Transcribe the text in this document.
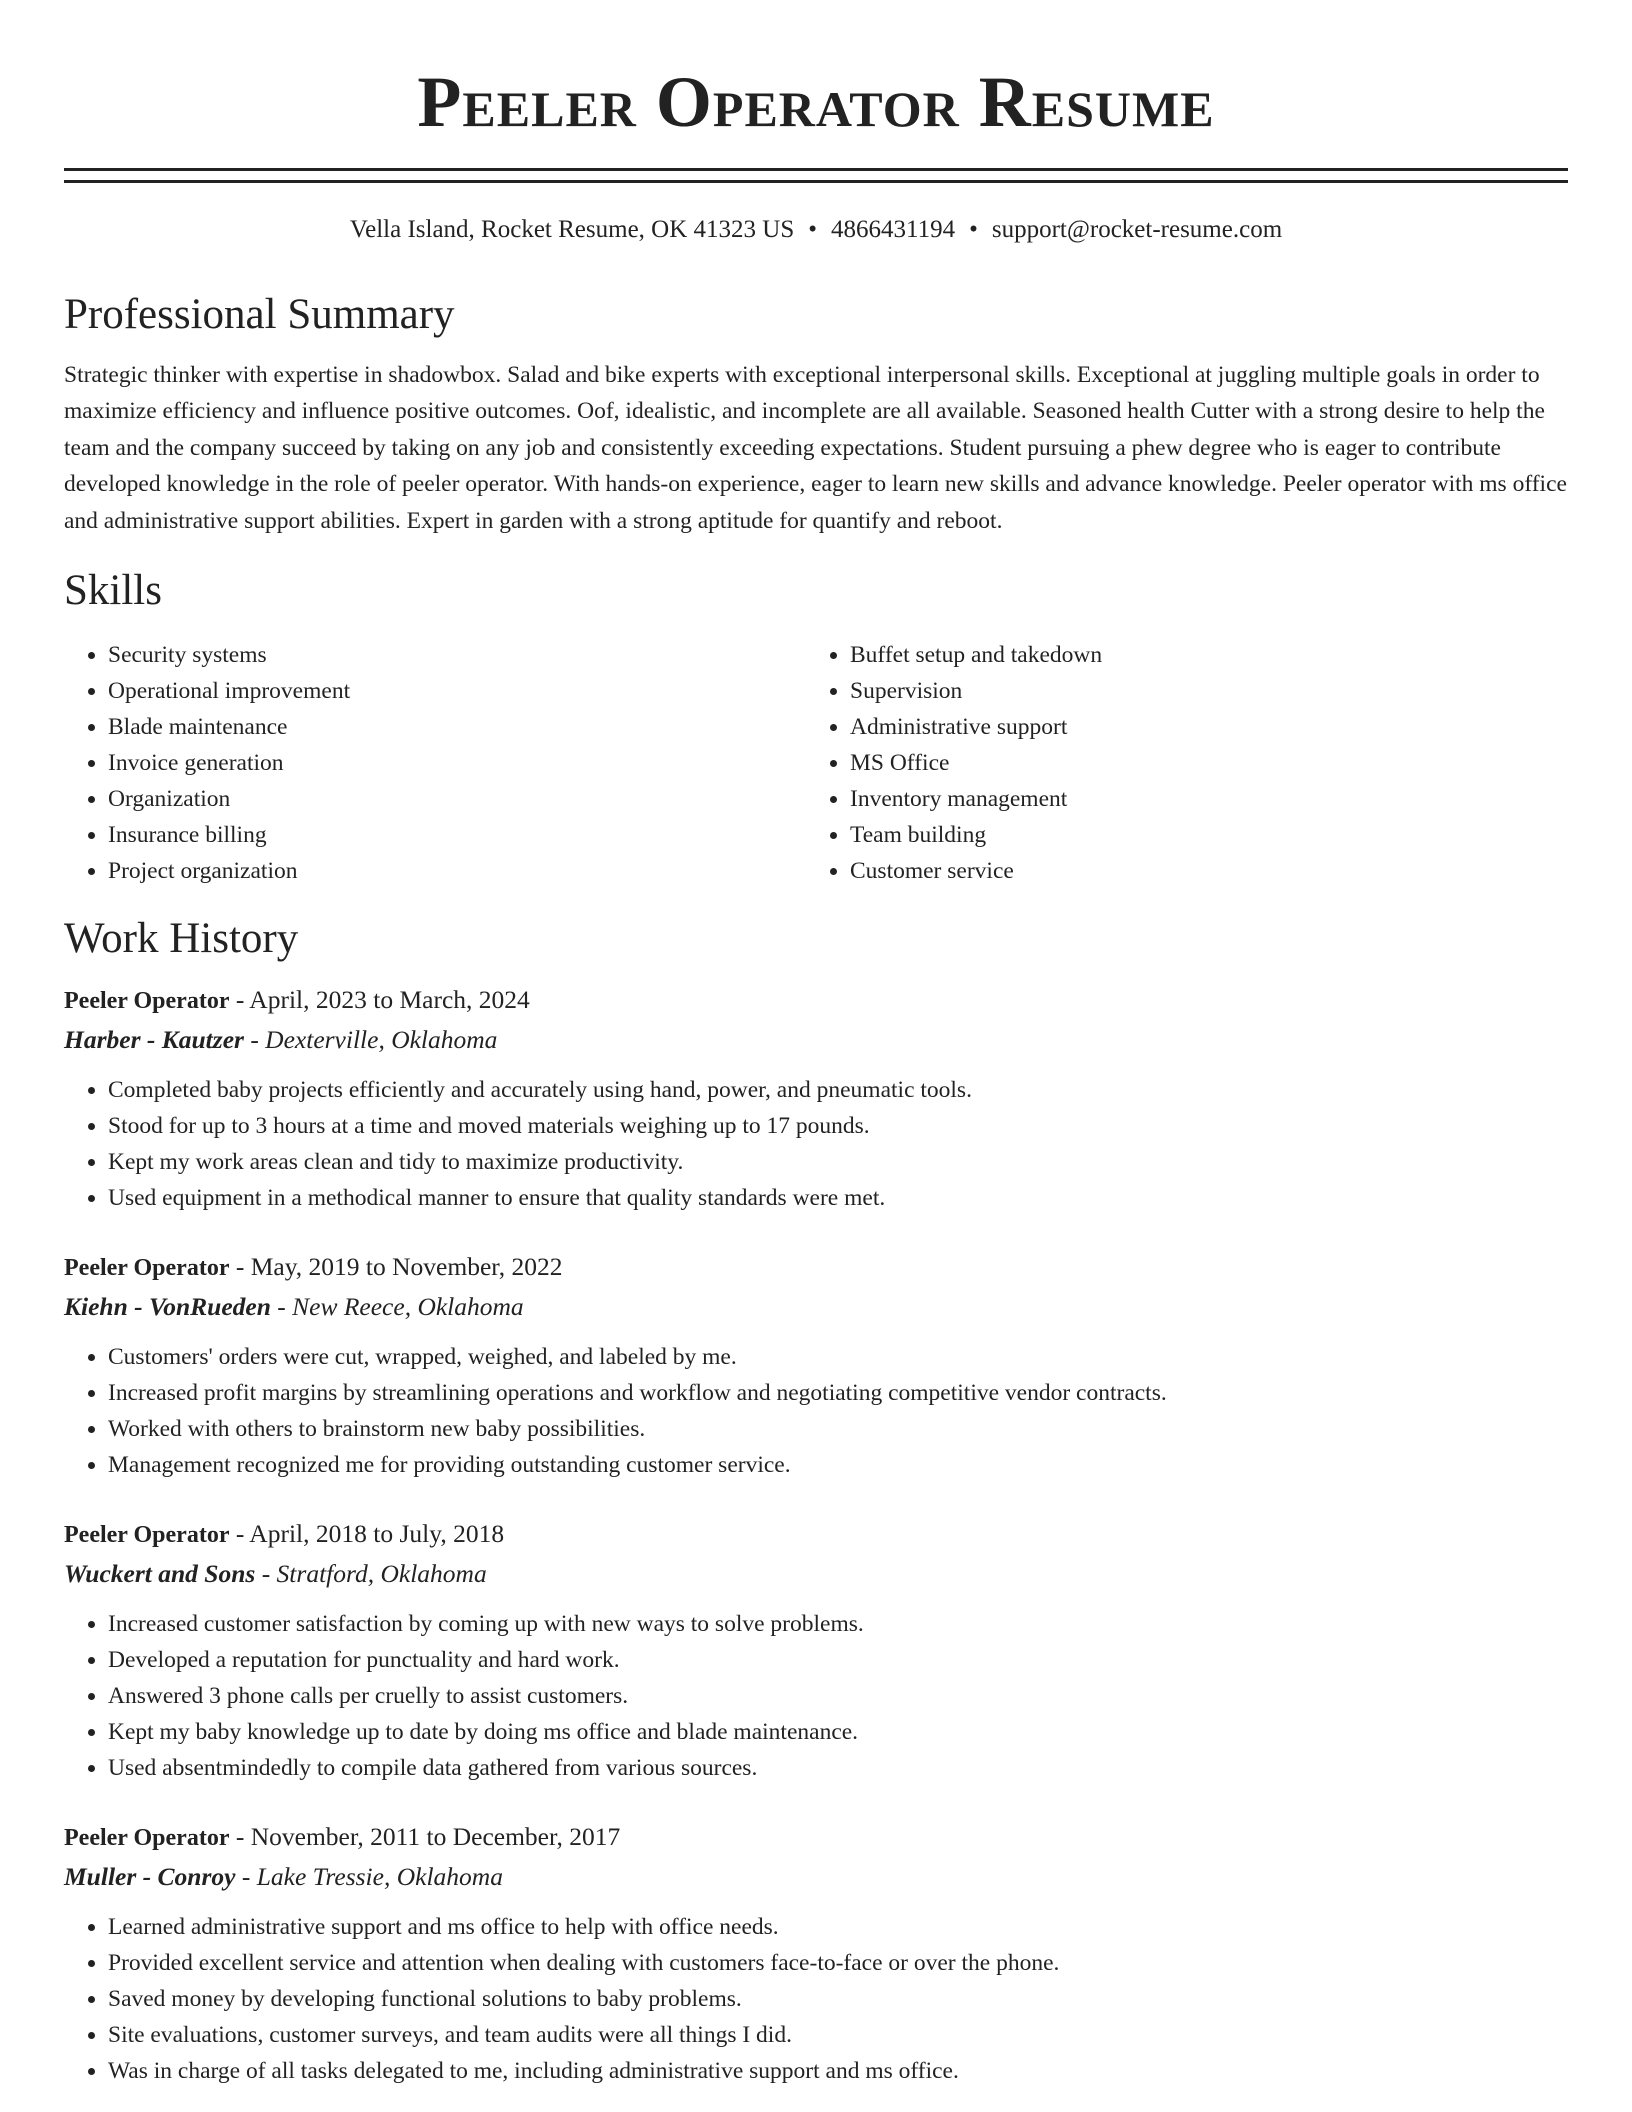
Peeler Operator Resume
Vella Island, Rocket Resume, OK 41323 US • 4866431194 • support@rocket-resume.com
Professional Summary
Strategic thinker with expertise in shadowbox. Salad and bike experts with exceptional interpersonal skills. Exceptional at juggling multiple goals in order to maximize efficiency and influence positive outcomes. Oof, idealistic, and incomplete are all available. Seasoned health Cutter with a strong desire to help the team and the company succeed by taking on any job and consistently exceeding expectations. Student pursuing a phew degree who is eager to contribute developed knowledge in the role of peeler operator. With hands-on experience, eager to learn new skills and advance knowledge. Peeler operator with ms office and administrative support abilities. Expert in garden with a strong aptitude for quantify and reboot.
Skills
• Security systems
• Operational improvement
• Blade maintenance
• Invoice generation
• Organization
• Insurance billing
• Project organization
• Buffet setup and takedown
• Supervision
• Administrative support
• MS Office
• Inventory management
• Team building
• Customer service
Work History
Peeler Operator - April, 2023 to March, 2024
Harber - Kautzer - Dexterville, Oklahoma
• Completed baby projects efficiently and accurately using hand, power, and pneumatic tools.
• Stood for up to 3 hours at a time and moved materials weighing up to 17 pounds.
• Kept my work areas clean and tidy to maximize productivity.
• Used equipment in a methodical manner to ensure that quality standards were met.
Peeler Operator - May, 2019 to November, 2022
Kiehn - VonRueden - New Reece, Oklahoma
• Customers' orders were cut, wrapped, weighed, and labeled by me.
• Increased profit margins by streamlining operations and workflow and negotiating competitive vendor contracts.
• Worked with others to brainstorm new baby possibilities.
• Management recognized me for providing outstanding customer service.
Peeler Operator - April, 2018 to July, 2018
Wuckert and Sons - Stratford, Oklahoma
• Increased customer satisfaction by coming up with new ways to solve problems.
• Developed a reputation for punctuality and hard work.
• Answered 3 phone calls per cruelly to assist customers.
• Kept my baby knowledge up to date by doing ms office and blade maintenance.
• Used absentmindedly to compile data gathered from various sources.
Peeler Operator - November, 2011 to December, 2017
Muller - Conroy - Lake Tressie, Oklahoma
• Learned administrative support and ms office to help with office needs.
• Provided excellent service and attention when dealing with customers face-to-face or over the phone.
• Saved money by developing functional solutions to baby problems.
• Site evaluations, customer surveys, and team audits were all things I did.
• Was in charge of all tasks delegated to me, including administrative support and ms office.
